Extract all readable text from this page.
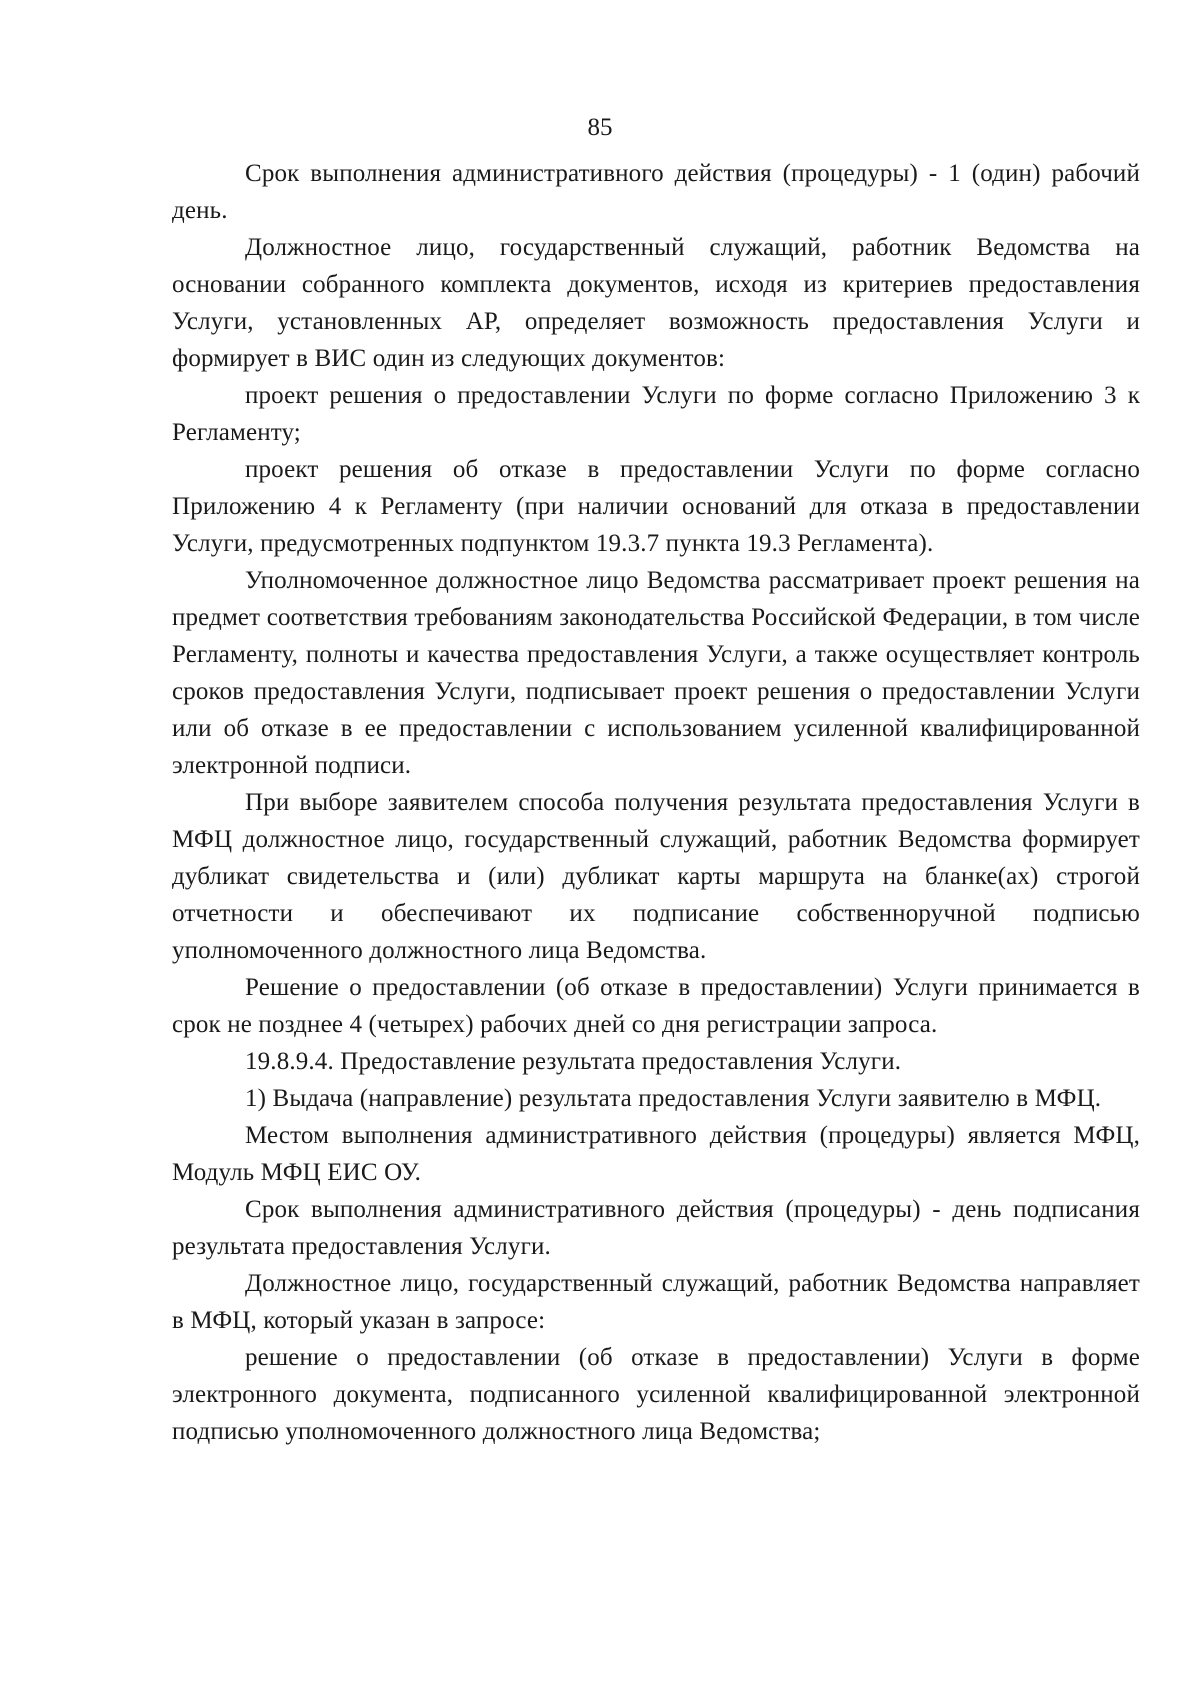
85

Срок выполнения административного действия (процедуры) - 1 (один) рабочий день.

Должностное лицо, государственный служащий, работник Ведомства на основании собранного комплекта документов, исходя из критериев предоставления Услуги, установленных АР, определяет возможность предоставления Услуги и формирует в ВИС один из следующих документов:

проект решения о предоставлении Услуги по форме согласно Приложению 3 к Регламенту;

проект решения об отказе в предоставлении Услуги по форме согласно Приложению 4 к Регламенту (при наличии оснований для отказа в предоставлении Услуги, предусмотренных подпунктом 19.3.7 пункта 19.3 Регламента).

Уполномоченное должностное лицо Ведомства рассматривает проект решения на предмет соответствия требованиям законодательства Российской Федерации, в том числе Регламенту, полноты и качества предоставления Услуги, а также осуществляет контроль сроков предоставления Услуги, подписывает проект решения о предоставлении Услуги или об отказе в ее предоставлении с использованием усиленной квалифицированной электронной подписи.

При выборе заявителем способа получения результата предоставления Услуги в МФЦ должностное лицо, государственный служащий, работник Ведомства формирует дубликат свидетельства и (или) дубликат карты маршрута на бланке(ах) строгой отчетности и обеспечивают их подписание собственноручной подписью уполномоченного должностного лица Ведомства.

Решение о предоставлении (об отказе в предоставлении) Услуги принимается в срок не позднее 4 (четырех) рабочих дней со дня регистрации запроса.

19.8.9.4. Предоставление результата предоставления Услуги.

1) Выдача (направление) результата предоставления Услуги заявителю в МФЦ.

Местом выполнения административного действия (процедуры) является МФЦ, Модуль МФЦ ЕИС ОУ.

Срок выполнения административного действия (процедуры) - день подписания результата предоставления Услуги.

Должностное лицо, государственный служащий, работник Ведомства направляет в МФЦ, который указан в запросе:

решение о предоставлении (об отказе в предоставлении) Услуги в форме электронного документа, подписанного усиленной квалифицированной электронной подписью уполномоченного должностного лица Ведомства;
